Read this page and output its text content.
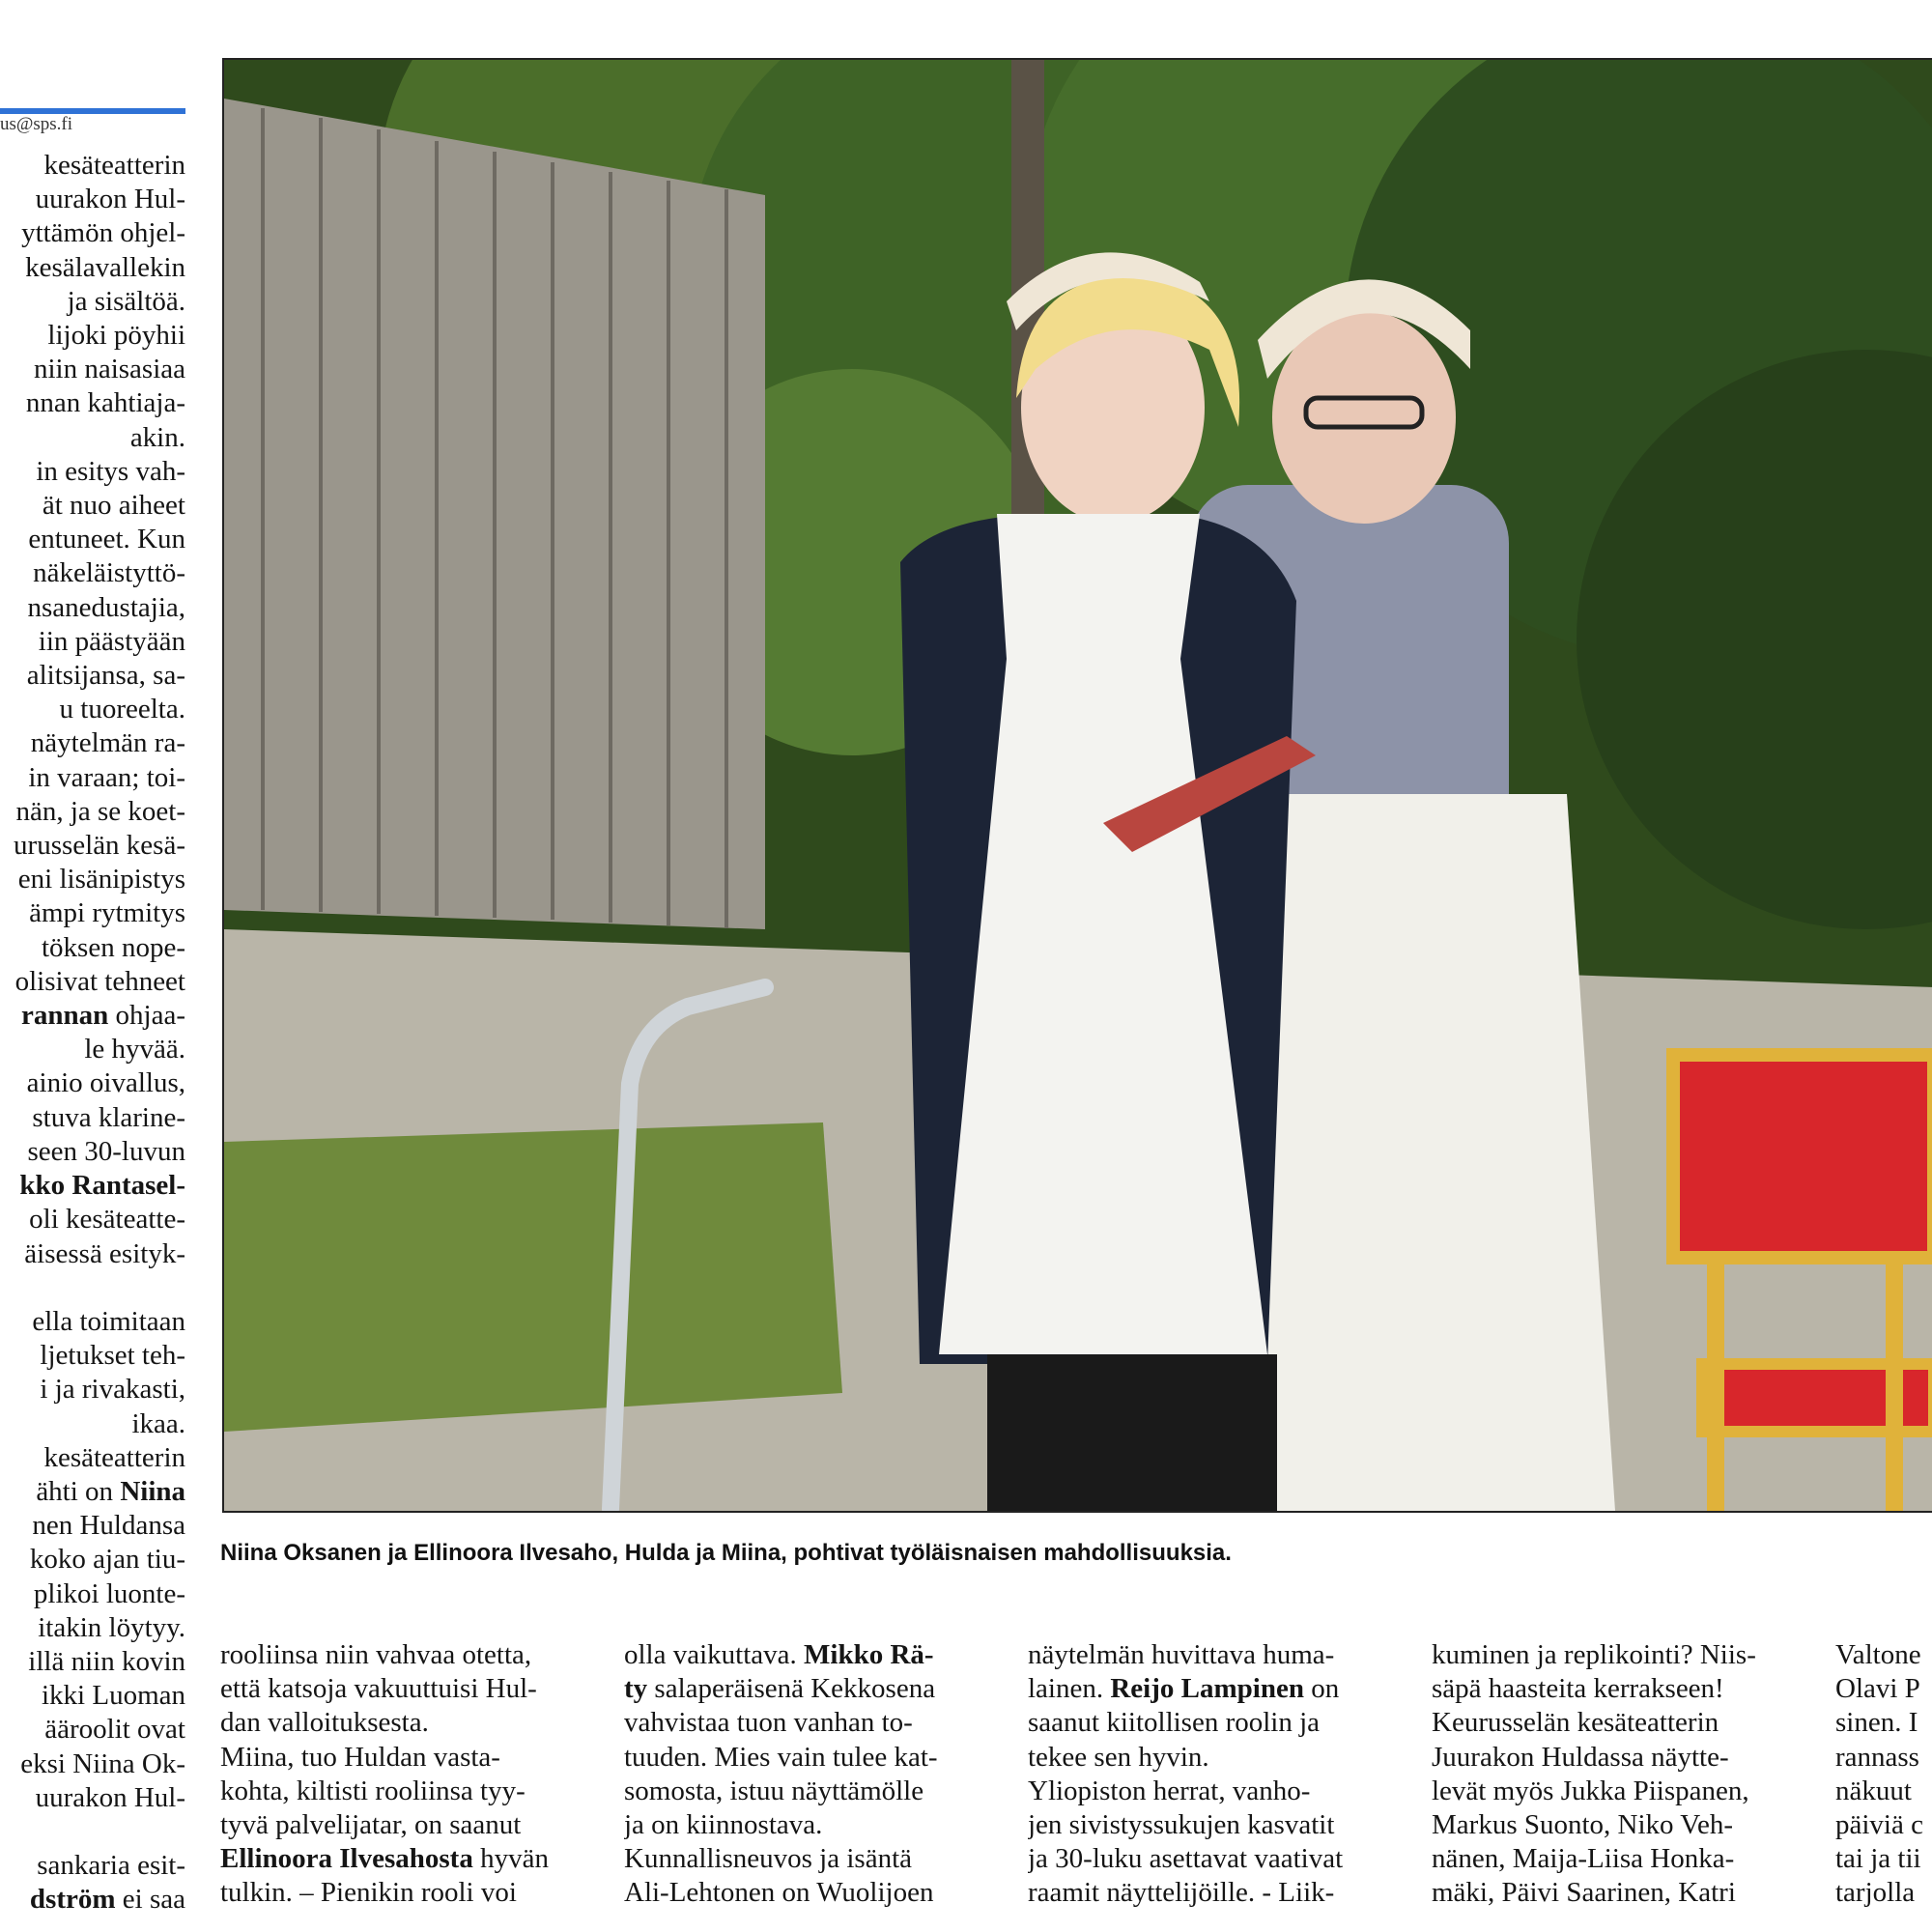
us@sps.fi
kesäteatterin
uurakon Hul-
yttämön ohjel-
kesälavallekin
ja sisältöä.
lijoki pöyhii
niin naisasiaa
nnan kahtiaja-
akin.
in esitys vah-
ät nuo aiheet
entuneet. Kun
näkeläistyttö-
nsanedustajia,
iin päästyään
alitsijansa, sa-
u tuoreelta.
näytelmän ra-
in varaan; toi-
nän, ja se koet-
urusselän kesä-
eni lisänipistys
ämpi rytmitys
töksen nope-
olisivat tehneet
rannan ohjaa-
le hyvää.
ainio oivallus,
stuva klarine-
seen 30-luvun
kko Rantasel-
oli kesäteatte-
äisessä esityk-

ella toimitaan
ljetukset teh-
i ja rivakasti,
ikaa.
kesäteatterin
ähti on Niina
nen Huldansa
koko ajan tiu-
plikoi luonte-
itakin löytyy.
illä niin kovin
ikki Luoman
ääroolit ovat
eksi Niina Ok-
uurakon Hul-

sankaria esit-
dström ei saa
Niina Oksanen ja Ellinoora Ilvesaho, Hulda ja Miina, pohtivat työläisnaisen mahdollisuuksia.
rooliinsa niin vahvaa otetta,
että katsoja vakuuttuisi Hul-
dan valloituksesta.
Miina, tuo Huldan vasta-
kohta, kiltisti rooliinsa tyy-
tyvä palvelijatar, on saanut
Ellinoora Ilvesahosta hyvän
tulkin. – Pienikin rooli voi
olla vaikuttava. Mikko Rä-
ty salaperäisenä Kekkosena
vahvistaa tuon vanhan to-
tuuden. Mies vain tulee kat-
somosta, istuu näyttämölle
ja on kiinnostava.
Kunnallisneuvos ja isäntä
Ali-Lehtonen on Wuolijoen
näytelmän huvittava huma-
lainen. Reijo Lampinen on
saanut kiitollisen roolin ja
tekee sen hyvin.
Yliopiston herrat, vanho-
jen sivistyssukujen kasvatit
ja 30-luku asettavat vaativat
raamit näyttelijöille. - Liik-
kuminen ja replikointi? Niis-
säpä haasteita kerrakseen!
Keurusselän kesäteatterin
Juurakon Huldassa näytte-
levät myös Jukka Piispanen,
Markus Suonto, Niko Veh-
nänen, Maija-Liisa Honka-
mäki, Päivi Saarinen, Katri
Valtone
Olavi P
sinen. I
rannass
näkuut
päiviä c
tai ja tii
tarjolla
